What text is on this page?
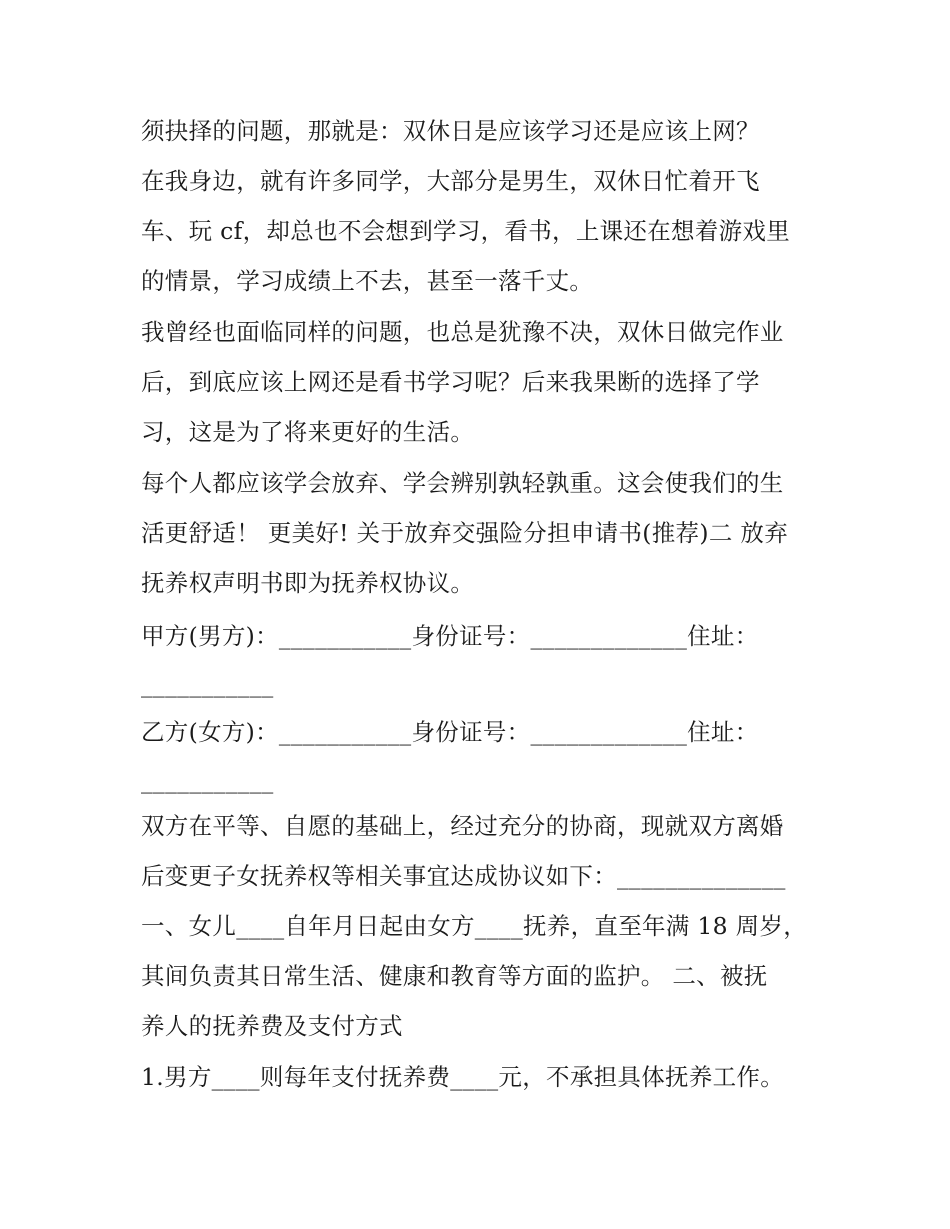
须抉择的问题，那就是：双休日是应该学习还是应该上网？
在我身边，就有许多同学，大部分是男生，双休日忙着开飞
车、玩 cf，却总也不会想到学习，看书，上课还在想着游戏里
的情景，学习成绩上不去，甚至一落千丈。
我曾经也面临同样的问题，也总是犹豫不决，双休日做完作业
后，到底应该上网还是看书学习呢？后来我果断的选择了学
习，这是为了将来更好的生活。
每个人都应该学会放弃、学会辨别孰轻孰重。这会使我们的生
活更舒适！ 更美好! 关于放弃交强险分担申请书(推荐)二 放弃
抚养权声明书即为抚养权协议。
甲方(男方)：___________身份证号：_____________住址：
___________
乙方(女方)：___________身份证号：_____________住址：
___________
双方在平等、自愿的基础上，经过充分的协商，现就双方离婚
后变更子女抚养权等相关事宜达成协议如下：______________
一、女儿____自年月日起由女方____抚养，直至年满 18 周岁，
其间负责其日常生活、健康和教育等方面的监护。 二、被抚
养人的抚养费及支付方式
1.男方____则每年支付抚养费____元，不承担具体抚养工作。
